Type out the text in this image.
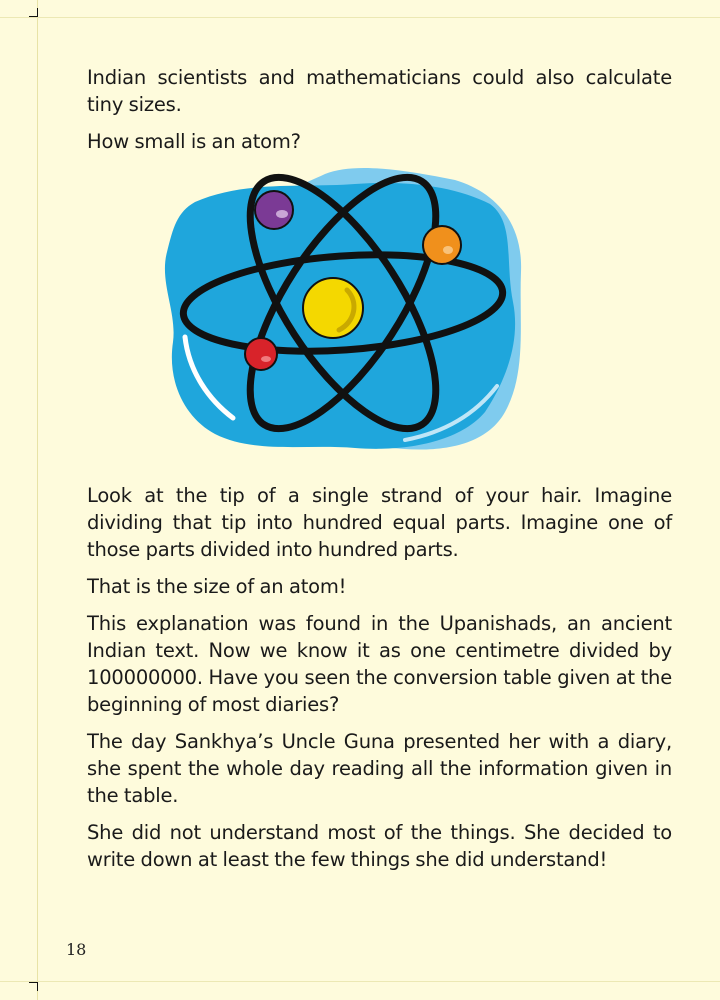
Indian scientists and mathematicians could also calculate tiny sizes.

How small is an atom?

Look at the tip of a single strand of your hair. Imagine dividing that tip into hundred equal parts. Imagine one of those parts divided into hundred parts.

That is the size of an atom!

This explanation was found in the Upanishads, an ancient Indian text. Now we know it as one centimetre divided by 100000000. Have you seen the conversion table given at the beginning of most diaries?

The day Sankhya’s Uncle Guna presented her with a diary, she spent the whole day reading all the information given in the table.

She did not understand most of the things. She decided to write down at least the few things she did understand!

18
